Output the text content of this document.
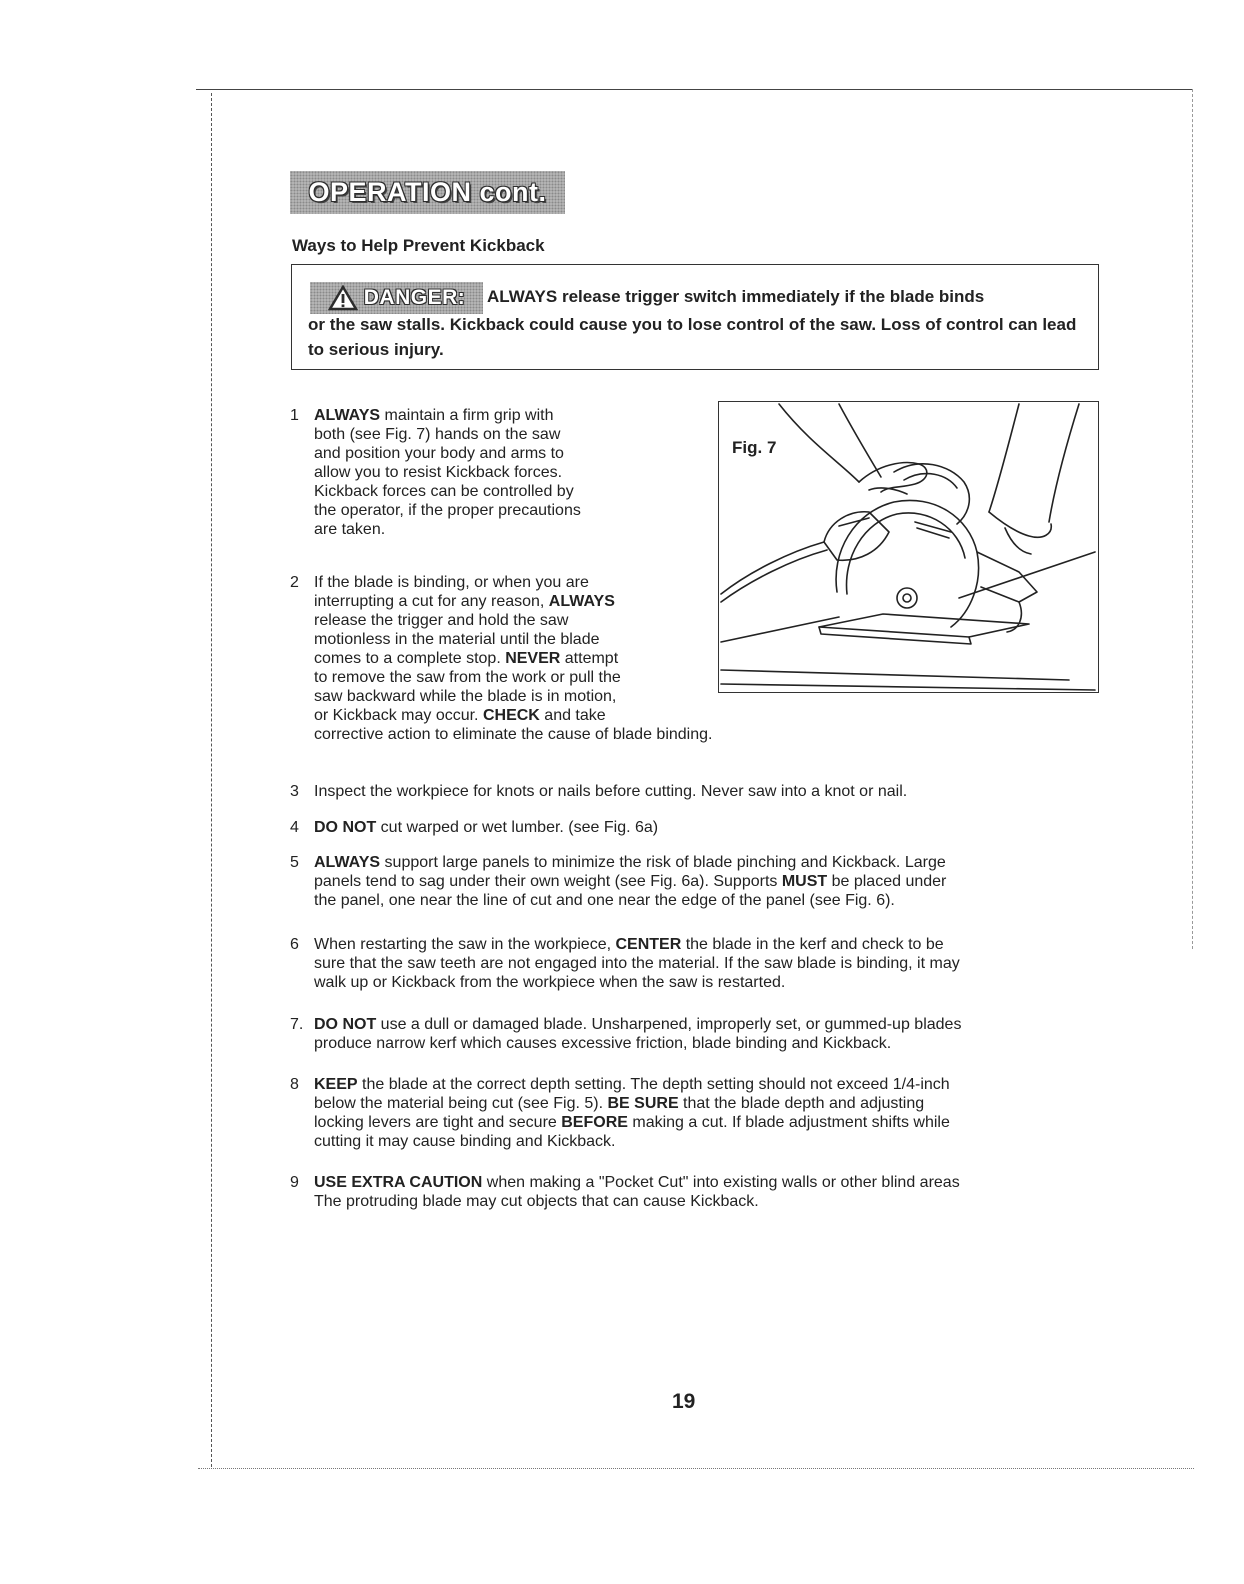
OPERATION cont.
Ways to Help Prevent Kickback
DANGER: ALWAYS release trigger switch immediately if the blade binds
or the saw stalls. Kickback could cause you to lose control of the saw. Loss of control can lead to serious injury.
1 ALWAYS maintain a firm grip with
both (see Fig. 7) hands on the saw
and position your body and arms to
allow you to resist Kickback forces.
Kickback forces can be controlled by
the operator, if the proper precautions
are taken.
2 If the blade is binding, or when you are
interrupting a cut for any reason, ALWAYS
release the trigger and hold the saw
motionless in the material until the blade
comes to a complete stop. NEVER attempt
to remove the saw from the work or pull the
saw backward while the blade is in motion,
or Kickback may occur. CHECK and take
corrective action to eliminate the cause of blade binding.
3 Inspect the workpiece for knots or nails before cutting. Never saw into a knot or nail.
4 DO NOT cut warped or wet lumber. (see Fig. 6a)
5 ALWAYS support large panels to minimize the risk of blade pinching and Kickback. Large
panels tend to sag under their own weight (see Fig. 6a). Supports MUST be placed under
the panel, one near the line of cut and one near the edge of the panel (see Fig. 6).
6 When restarting the saw in the workpiece, CENTER the blade in the kerf and check to be
sure that the saw teeth are not engaged into the material. If the saw blade is binding, it may
walk up or Kickback from the workpiece when the saw is restarted.
7. DO NOT use a dull or damaged blade. Unsharpened, improperly set, or gummed-up blades
produce narrow kerf which causes excessive friction, blade binding and Kickback.
8 KEEP the blade at the correct depth setting. The depth setting should not exceed 1/4-inch
below the material being cut (see Fig. 5). BE SURE that the blade depth and adjusting
locking levers are tight and secure BEFORE making a cut. If blade adjustment shifts while
cutting it may cause binding and Kickback.
9 USE EXTRA CAUTION when making a "Pocket Cut" into existing walls or other blind areas
The protruding blade may cut objects that can cause Kickback.
Fig. 7
19
